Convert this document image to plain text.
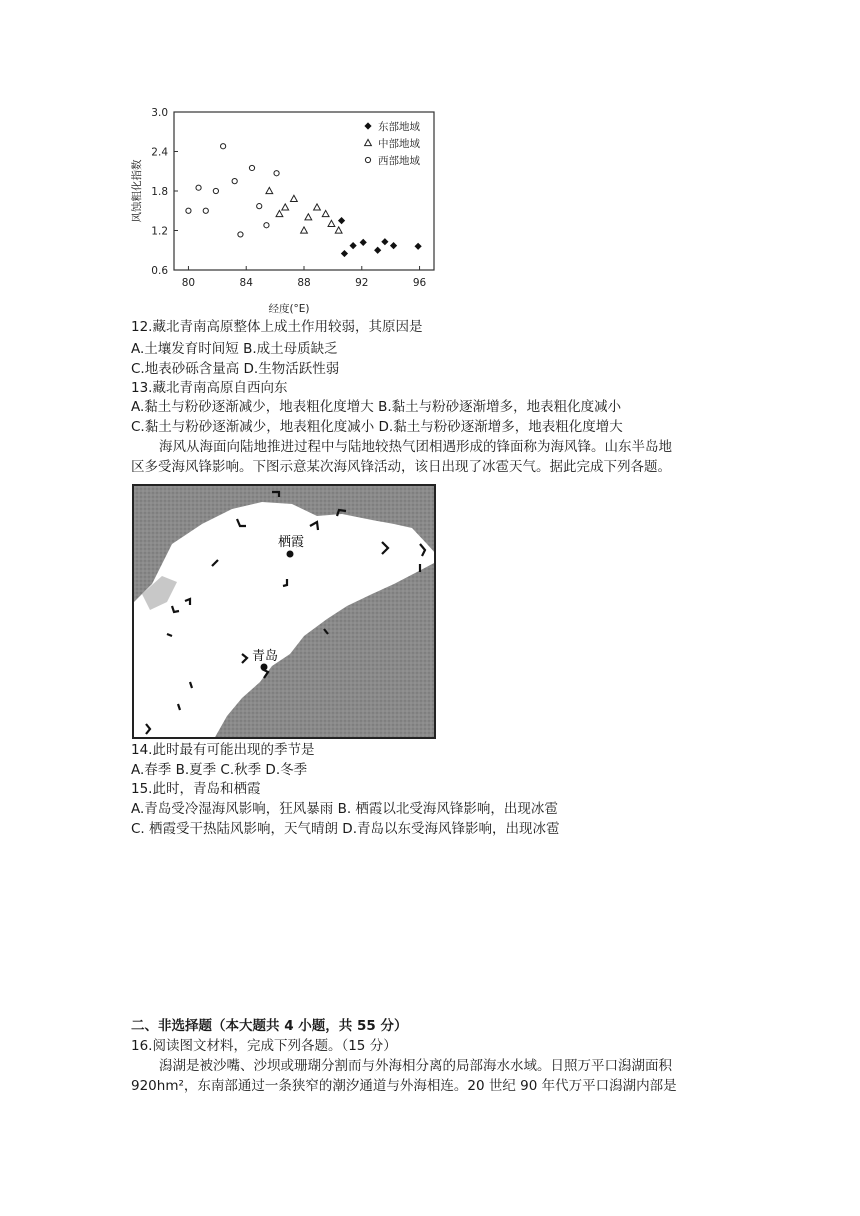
80	84	88	92	96
0.6
1.2
1.8
2.4
3.0
经度(°E)
风蚀粗化指数
东部地域
中部地域
西部地域
12.藏北青南高原整体上成土作用较弱，其原因是
A.土壤发育时间短 B.成土母质缺乏
C.地表砂砾含量高 D.生物活跃性弱
13.藏北青南高原自西向东
A.黏土与粉砂逐渐减少，地表粗化度增大 B.黏土与粉砂逐渐增多，地表粗化度减小
C.黏土与粉砂逐渐减少，地表粗化度减小 D.黏土与粉砂逐渐增多，地表粗化度增大
海风从海面向陆地推进过程中与陆地较热气团相遇形成的锋面称为海风锋。山东半岛地
区多受海风锋影响。下图示意某次海风锋活动，该日出现了冰雹天气。据此完成下列各题。
栖霞
青岛
14.此时最有可能出现的季节是
A.春季 B.夏季 C.秋季 D.冬季
15.此时，青岛和栖霞
A.青岛受冷湿海风影响，狂风暴雨 B. 栖霞以北受海风锋影响，出现冰雹
C. 栖霞受干热陆风影响，天气晴朗 D.青岛以东受海风锋影响，出现冰雹
二、非选择题（本大题共 4 小题，共 55 分）
16.阅读图文材料，完成下列各题。（15 分）
潟湖是被沙嘴、沙坝或珊瑚分割而与外海相分离的局部海水水域。日照万平口潟湖面积
920hm²，东南部通过一条狭窄的潮汐通道与外海相连。20 世纪 90 年代万平口潟湖内部是
